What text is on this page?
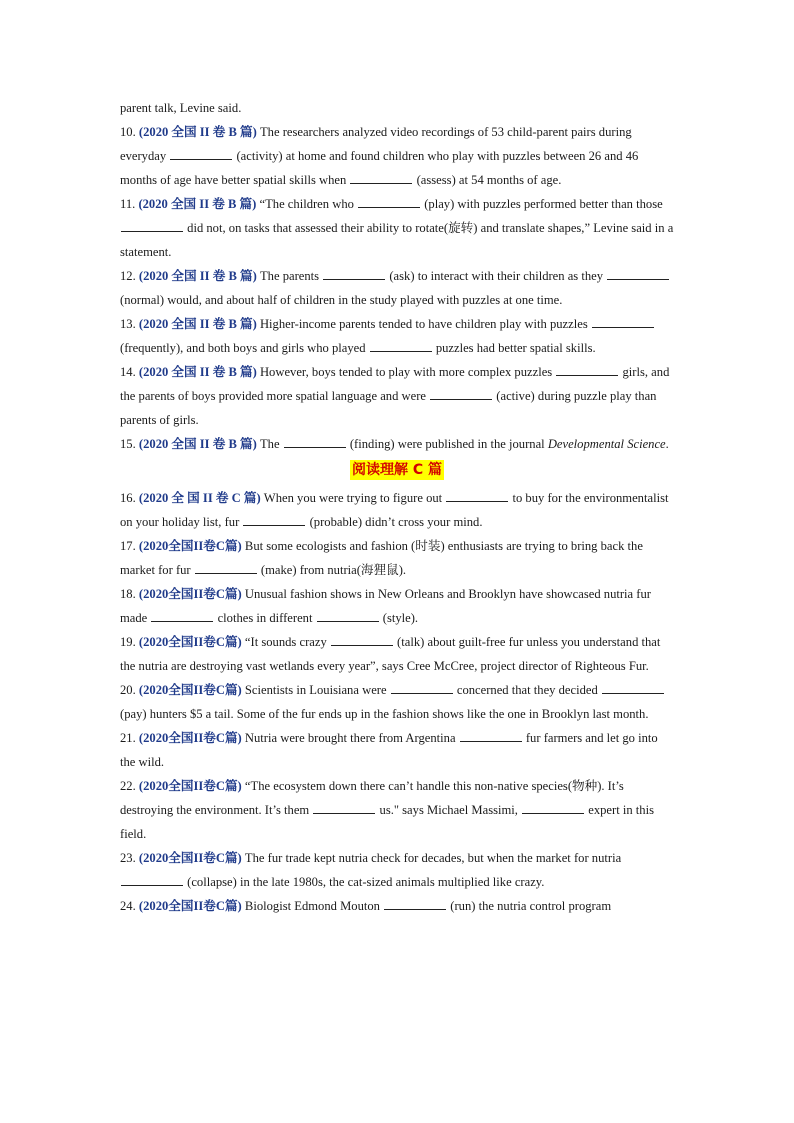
parent talk, Levine said.

10. (2020 全国 II 卷 B 篇) The researchers analyzed video recordings of 53 child-parent pairs during everyday	(activity) at home and found children who play with puzzles between 26 and 46 months of age have better spatial skills when	(assess) at 54 months of age.

11. (2020 全国 II 卷 B 篇) “The children who	(play) with puzzles performed better than those  did not, on tasks that assessed their ability to rotate(旋转) and translate shapes,” Levine said in a statement.

12. (2020 全国 II 卷 B 篇) The parents	(ask) to interact with their children as they  (normal) would, and about half of children in the study played with puzzles at one time.

13. (2020 全国 II 卷 B 篇) Higher-income parents tended to have children play with puzzles  (frequently), and both boys and girls who played	puzzles had better spatial skills.

14. (2020 全国 II 卷 B 篇) However, boys tended to play with more complex puzzles	girls, and the parents of boys provided more spatial language and were	(active) during puzzle play than parents of girls.

15. (2020 全国 II 卷 B 篇) The	(finding) were published in the journal Developmental Science.

阅读理解 C 篇

16. (2020 全 国 II 卷 C 篇) When you were trying to figure out	to buy for the environmentalist on your holiday list, fur	(probable) didn’t cross your mind.

17. (2020全国II卷C篇) But some ecologists and fashion (时装) enthusiasts are trying to bring back the market for fur	(make) from nutria(海狸鼠).

18. (2020全国II卷C篇) Unusual fashion shows in New Orleans and Brooklyn have showcased nutria fur made	clothes in different	(style).

19. (2020全国II卷C篇) “It sounds crazy	(talk) about guilt-free fur unless you understand that the nutria are destroying vast wetlands every year”, says Cree McCree, project director of Righteous Fur.

20. (2020全国II卷C篇) Scientists in Louisiana were	concerned that they decided  (pay) hunters $5 a tail. Some of the fur ends up in the fashion shows like the one in Brooklyn last month.

21. (2020全国II卷C篇) Nutria were brought there from Argentina	fur farmers and let go into the wild.

22. (2020全国II卷C篇) “The ecosystem down there can’t handle this non-native species(物种). It’s destroying the environment. It’s them	us." says Michael Massimi,	expert in this field.

23. (2020全国II卷C篇) The fur trade kept nutria check for decades, but when the market for nutria  (collapse) in the late 1980s, the cat-sized animals multiplied like crazy.

24. (2020全国II卷C篇) Biologist Edmond Mouton	(run) the nutria control program
